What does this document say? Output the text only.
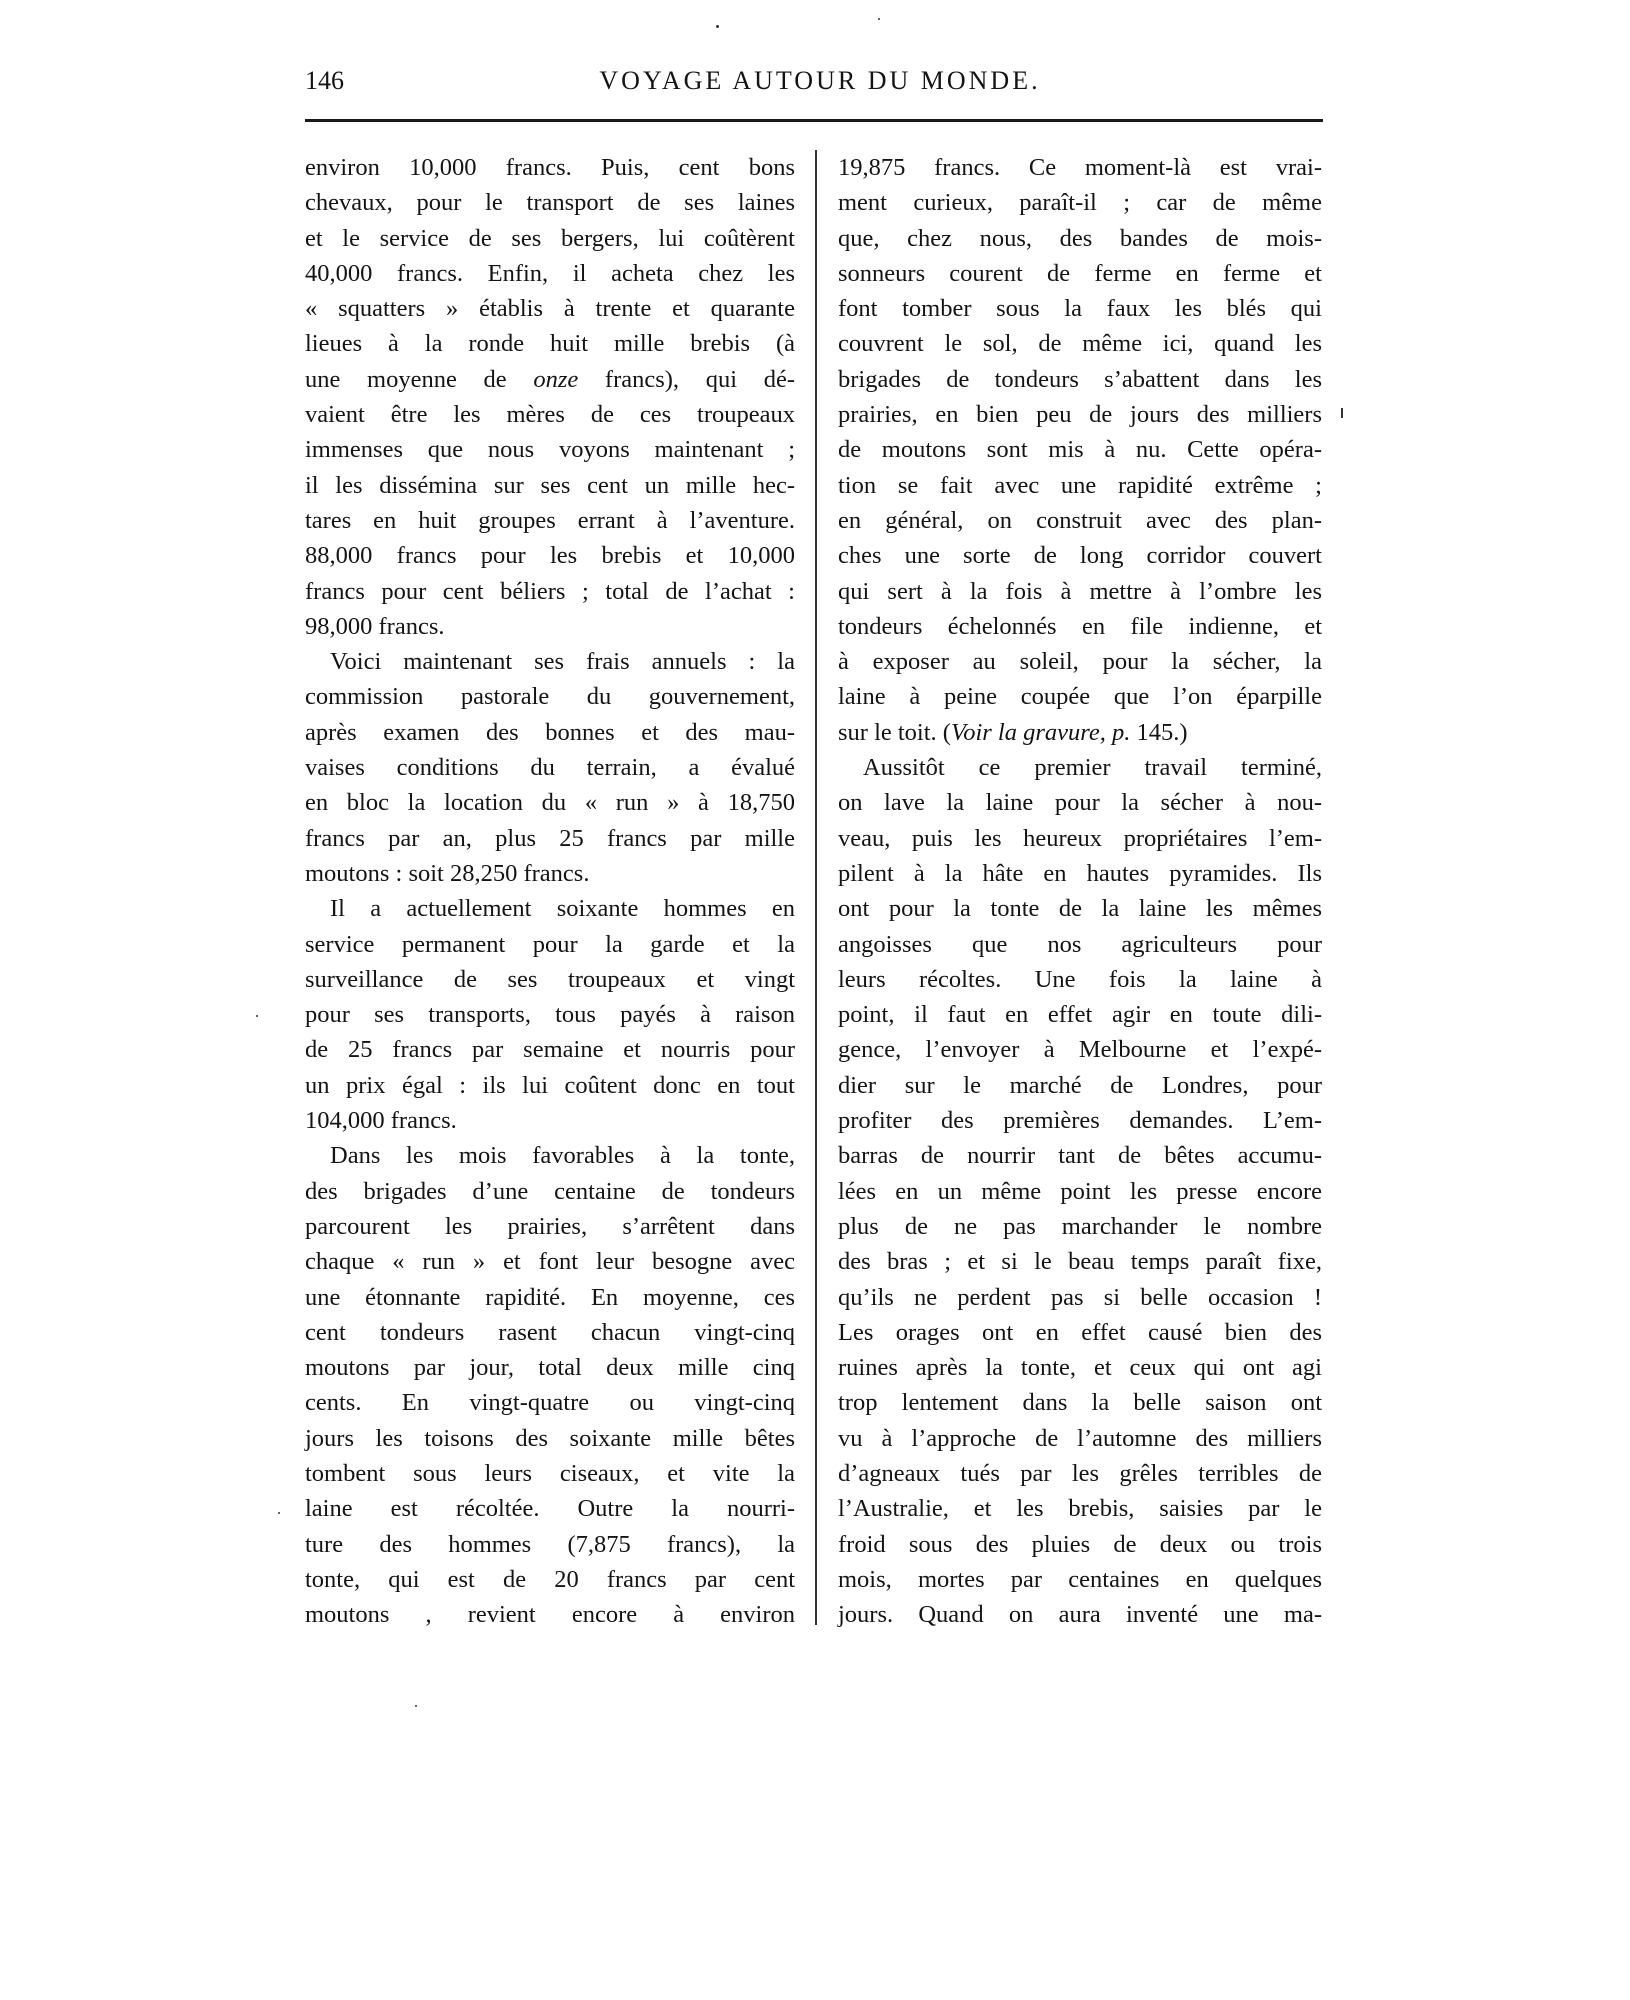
146	VOYAGE AUTOUR DU MONDE.
environ 10,000 francs. Puis, cent bons
chevaux, pour le transport de ses laines
et le service de ses bergers, lui coûtèrent
40,000 francs. Enfin, il acheta chez les
« squatters » établis à trente et quarante
lieues à la ronde huit mille brebis (à
une moyenne de onze francs), qui dé-
vaient être les mères de ces troupeaux
immenses que nous voyons maintenant ;
il les dissémina sur ses cent un mille hec-
tares en huit groupes errant à l’aventure.
88,000 francs pour les brebis et 10,000
francs pour cent béliers ; total de l’achat :
98,000 francs.
Voici maintenant ses frais annuels : la
commission pastorale du gouvernement,
après examen des bonnes et des mau-
vaises conditions du terrain, a évalué
en bloc la location du « run » à 18,750
francs par an, plus 25 francs par mille
moutons : soit 28,250 francs.
Il a actuellement soixante hommes en
service permanent pour la garde et la
surveillance de ses troupeaux et vingt
pour ses transports, tous payés à raison
de 25 francs par semaine et nourris pour
un prix égal : ils lui coûtent donc en tout
104,000 francs.
Dans les mois favorables à la tonte,
des brigades d’une centaine de tondeurs
parcourent les prairies, s’arrêtent dans
chaque « run » et font leur besogne avec
une étonnante rapidité. En moyenne, ces
cent tondeurs rasent chacun vingt-cinq
moutons par jour, total deux mille cinq
cents. En vingt-quatre ou vingt-cinq
jours les toisons des soixante mille bêtes
tombent sous leurs ciseaux, et vite la
laine est récoltée. Outre la nourri-
ture des hommes (7,875 francs), la
tonte, qui est de 20 francs par cent
moutons , revient encore à environ
19,875 francs. Ce moment-là est vrai-
ment curieux, paraît-il ; car de même
que, chez nous, des bandes de mois-
sonneurs courent de ferme en ferme et
font tomber sous la faux les blés qui
couvrent le sol, de même ici, quand les
brigades de tondeurs s’abattent dans les
prairies, en bien peu de jours des milliers
de moutons sont mis à nu. Cette opéra-
tion se fait avec une rapidité extrême ;
en général, on construit avec des plan-
ches une sorte de long corridor couvert
qui sert à la fois à mettre à l’ombre les
tondeurs échelonnés en file indienne, et
à exposer au soleil, pour la sécher, la
laine à peine coupée que l’on éparpille
sur le toit. (Voir la gravure, p. 145.)
Aussitôt ce premier travail terminé,
on lave la laine pour la sécher à nou-
veau, puis les heureux propriétaires l’em-
pilent à la hâte en hautes pyramides. Ils
ont pour la tonte de la laine les mêmes
angoisses que nos agriculteurs pour
leurs récoltes. Une fois la laine à
point, il faut en effet agir en toute dili-
gence, l’envoyer à Melbourne et l’expé-
dier sur le marché de Londres, pour
profiter des premières demandes. L’em-
barras de nourrir tant de bêtes accumu-
lées en un même point les presse encore
plus de ne pas marchander le nombre
des bras ; et si le beau temps paraît fixe,
qu’ils ne perdent pas si belle occasion !
Les orages ont en effet causé bien des
ruines après la tonte, et ceux qui ont agi
trop lentement dans la belle saison ont
vu à l’approche de l’automne des milliers
d’agneaux tués par les grêles terribles de
l’Australie, et les brebis, saisies par le
froid sous des pluies de deux ou trois
mois, mortes par centaines en quelques
jours. Quand on aura inventé une ma-
